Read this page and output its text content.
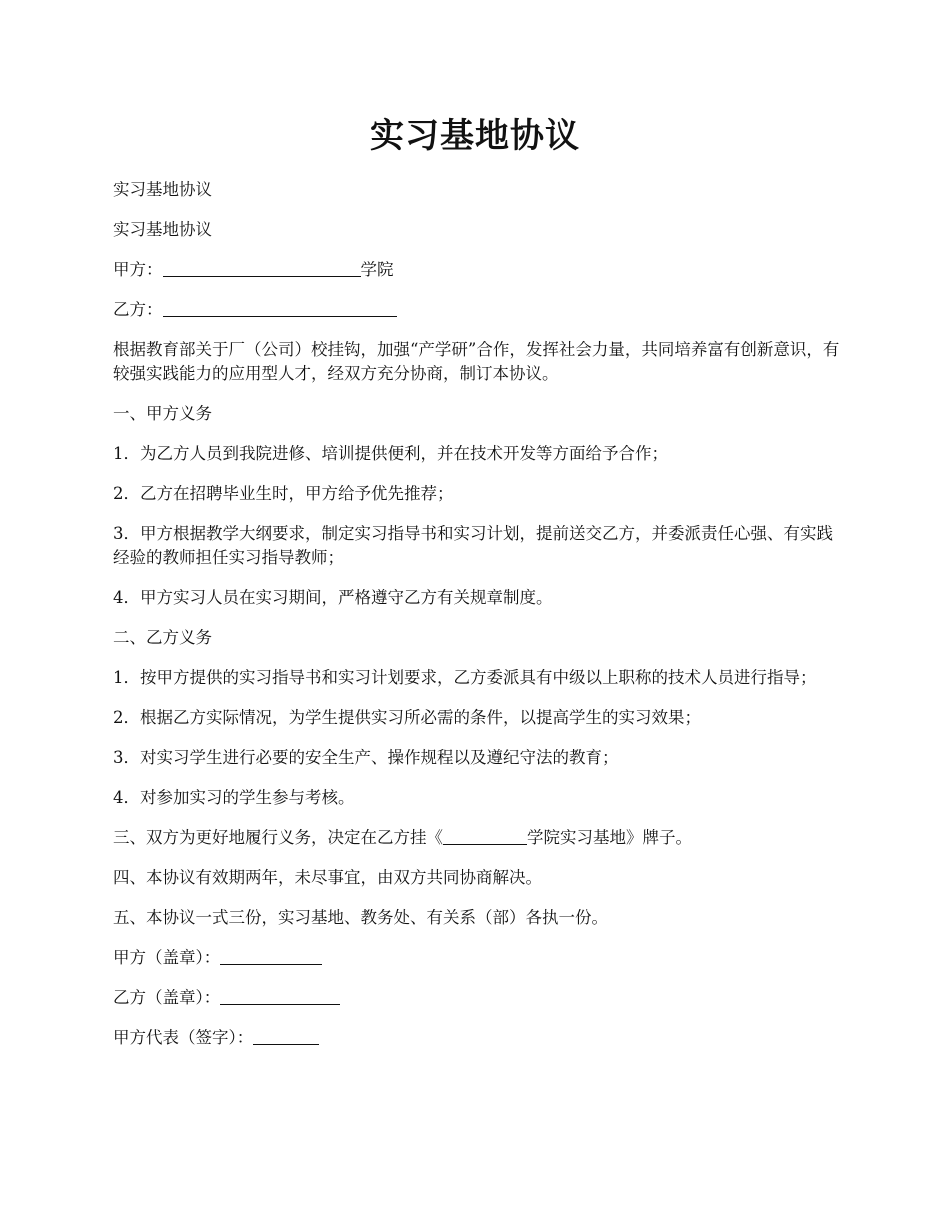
实习基地协议

实习基地协议

实习基地协议

甲方：	学院

乙方：

根据教育部关于厂（公司）校挂钩，加强“产学研”合作，发挥社会力量，共同培养富有创新意识，有较强实践能力的应用型人才，经双方充分协商，制订本协议。

一、甲方义务

1．为乙方人员到我院进修、培训提供便利，并在技术开发等方面给予合作；

2．乙方在招聘毕业生时，甲方给予优先推荐；

3．甲方根据教学大纲要求，制定实习指导书和实习计划，提前送交乙方，并委派责任心强、有实践经验的教师担任实习指导教师；

4．甲方实习人员在实习期间，严格遵守乙方有关规章制度。

二、乙方义务

1．按甲方提供的实习指导书和实习计划要求，乙方委派具有中级以上职称的技术人员进行指导；

2．根据乙方实际情况，为学生提供实习所必需的条件，以提高学生的实习效果；

3．对实习学生进行必要的安全生产、操作规程以及遵纪守法的教育；

4．对参加实习的学生参与考核。

三、双方为更好地履行义务，决定在乙方挂《	学院实习基地》牌子。

四、本协议有效期两年，未尽事宜，由双方共同协商解决。

五、本协议一式三份，实习基地、教务处、有关系（部）各执一份。

甲方（盖章）：

乙方（盖章）：

甲方代表（签字）：
